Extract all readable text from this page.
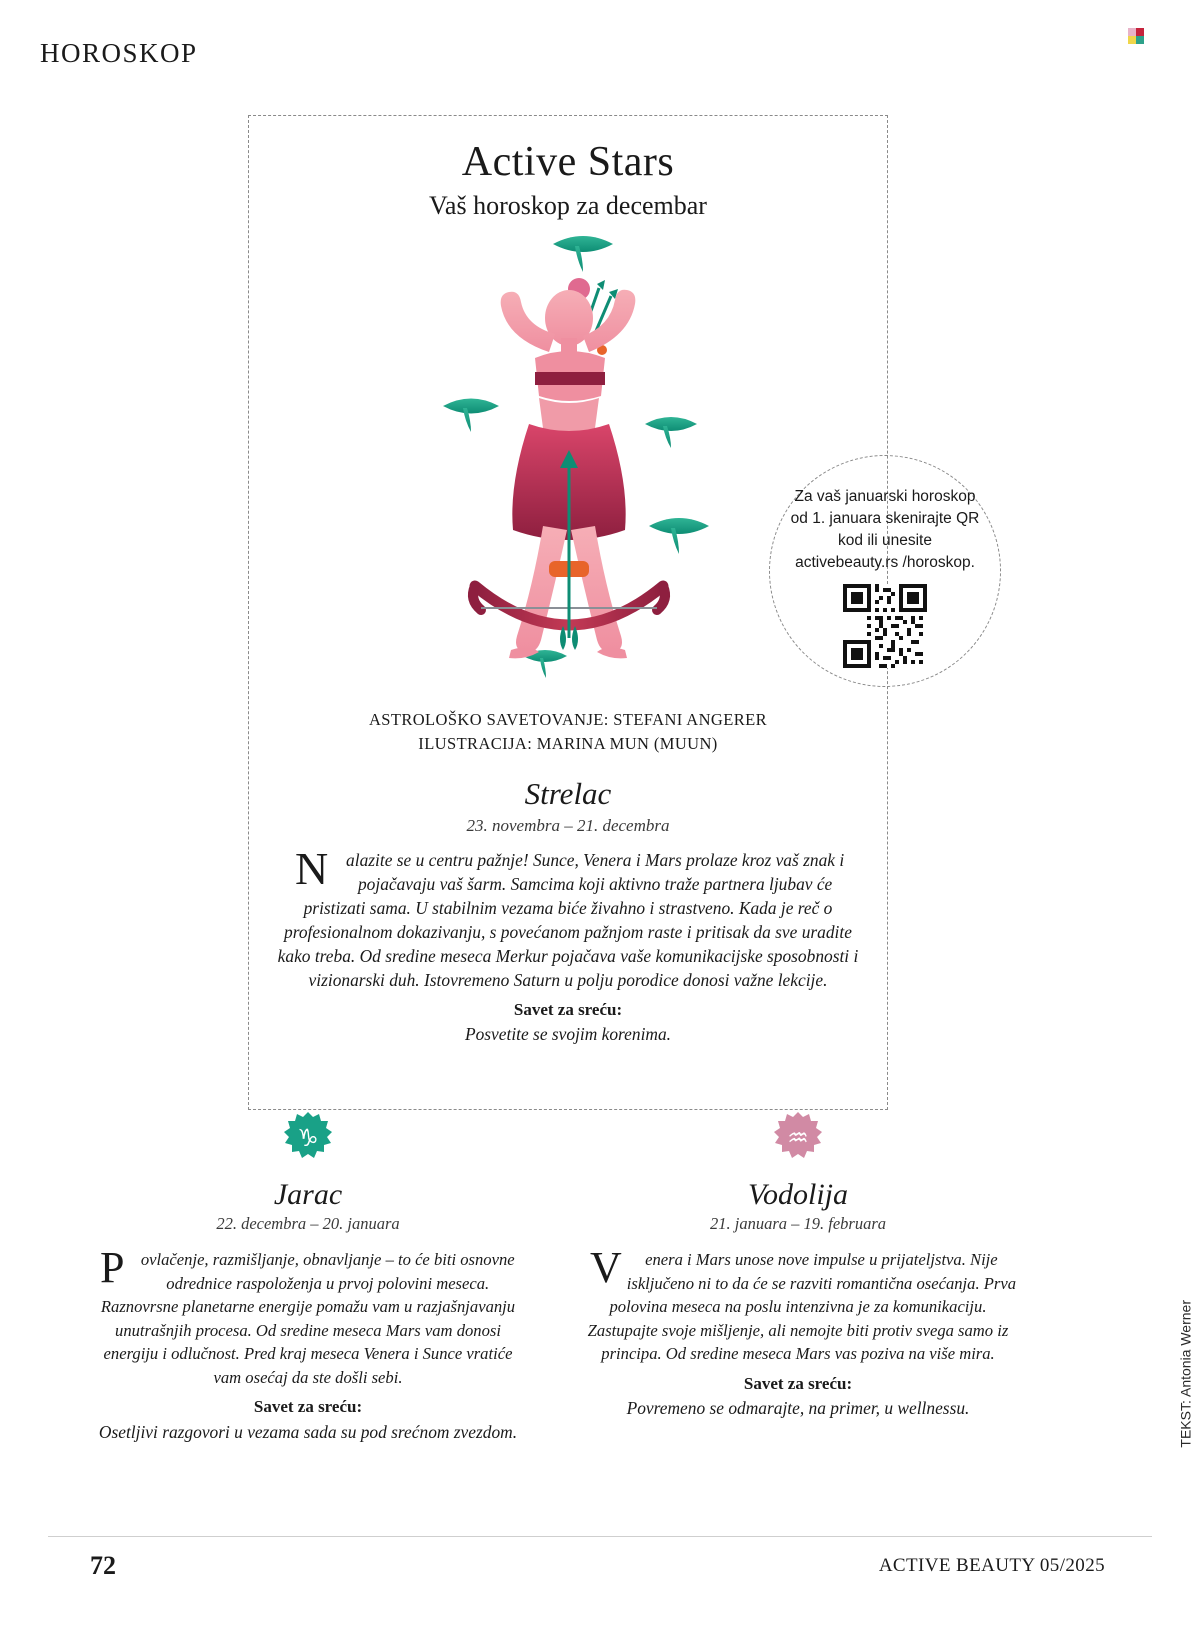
HOROSKOP
Active Stars
Vaš horoskop za decembar
ASTROLOŠKO SAVETOVANJE: STEFANI ANGERER
ILUSTRACIJA: MARINA MUN (MUUN)
Strelac
23. novembra – 21. decembra
N alazite se u centru pažnje! Sunce, Venera i Mars prolaze kroz vaš znak i pojačavaju vaš šarm. Samcima koji aktivno traže partnera ljubav će pristizati sama. U stabilnim vezama biće živahno i strastveno. Kada je reč o profesionalnom dokazivanju, s povećanom pažnjom raste i pritisak da sve uradite kako treba. Od sredine meseca Merkur pojačava vaše komunikacijske sposobnosti i vizionarski duh. Istovremeno Saturn u polju porodice donosi važne lekcije.
Savet za sreću:
Posvetite se svojim korenima.
Za vaš januarski horoskop od 1. januara skenirajte QR kod ili unesite activebeauty.rs /horoskop.
♑
Jarac
22. decembra – 20. januara
Povlačenje, razmišljanje, obnavljanje – to će biti osnovne odrednice raspoloženja u prvoj polovini meseca. Raznovrsne planetarne energije pomažu vam u razjašnjavanju unutrašnjih procesa. Od sredine meseca Mars vam donosi energiju i odlučnost. Pred kraj meseca Venera i Sunce vratiće vam osećaj da ste došli sebi.
Savet za sreću:
Osetljivi razgovori u vezama sada su pod srećnom zvezdom.
♒
Vodolija
21. januara – 19. februara
V enera i Mars unose nove impulse u prijateljstva. Nije isključeno ni to da će se razviti romantična osećanja. Prva polovina meseca na poslu intenzivna je za komunikaciju. Zastupajte svoje mišljenje, ali nemojte biti protiv svega samo iz principa. Od sredine meseca Mars vas poziva na više mira.
Savet za sreću:
Povremeno se odmarajte, na primer, u wellnessu.	TEKST: Antonia Werner
72	ACTIVE BEAUTY 05/2025
